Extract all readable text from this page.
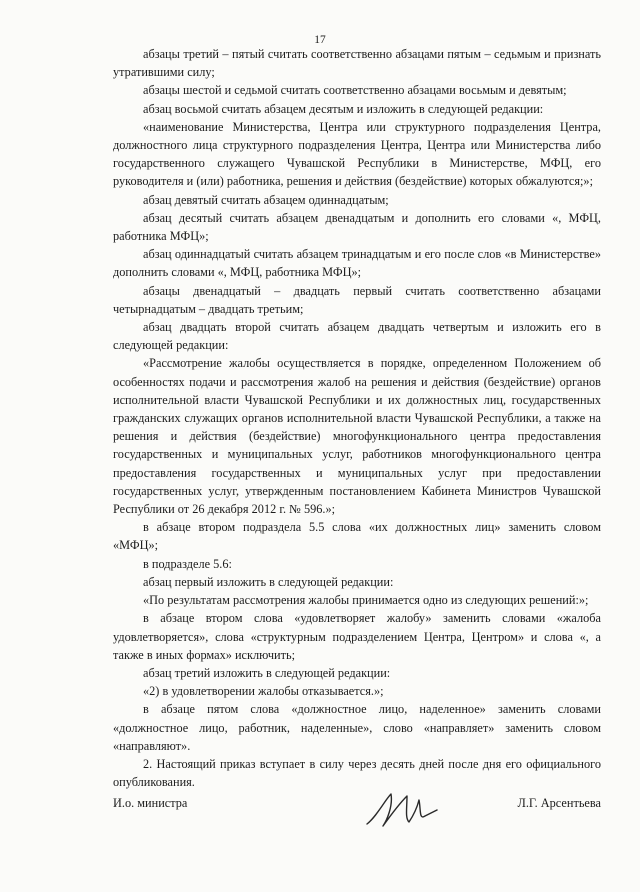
17

абзацы третий – пятый считать соответственно абзацами пятым – седьмым и признать утратившими силу;

абзацы шестой и седьмой считать соответственно абзацами восьмым и девятым;

абзац восьмой считать абзацем десятым и изложить в следующей редакции:

«наименование Министерства, Центра или структурного подразделения Центра, должностного лица структурного подразделения Центра, Центра или Министерства либо государственного служащего Чувашской Республики в Министерстве, МФЦ, его руководителя и (или) работника, решения и действия (бездействие) которых обжалуются;»;

абзац девятый считать абзацем одиннадцатым;

абзац десятый считать абзацем двенадцатым и дополнить его словами «, МФЦ, работника МФЦ»;

абзац одиннадцатый считать абзацем тринадцатым и его после слов «в Министерстве» дополнить словами «, МФЦ, работника МФЦ»;

абзацы двенадцатый – двадцать первый считать соответственно абзацами четырнадцатым – двадцать третьим;

абзац двадцать второй считать абзацем двадцать четвертым и изложить его в следующей редакции:

«Рассмотрение жалобы осуществляется в порядке, определенном Положением об особенностях подачи и рассмотрения жалоб на решения и действия (бездействие) органов исполнительной власти Чувашской Республики и их должностных лиц, государственных гражданских служащих органов исполнительной власти Чувашской Республики, а также на решения и действия (бездействие) многофункционального центра предоставления государственных и муниципальных услуг, работников многофункционального центра предоставления государственных и муниципальных услуг при предоставлении государственных услуг, утвержденным постановлением Кабинета Министров Чувашской Республики от 26 декабря 2012 г. № 596.»;

в абзаце втором подраздела 5.5 слова «их должностных лиц» заменить словом «МФЦ»;

в подразделе 5.6:

абзац первый изложить в следующей редакции:

«По результатам рассмотрения жалобы принимается одно из следующих решений:»;

в абзаце втором слова «удовлетворяет жалобу» заменить словами «жалоба удовлетворяется», слова «структурным подразделением Центра, Центром» и слова «, а также в иных формах» исключить;

абзац третий изложить в следующей редакции:

«2) в удовлетворении жалобы отказывается.»;

в абзаце пятом слова «должностное лицо, наделенное» заменить словами «должностное лицо, работник, наделенные», слово «направляет» заменить словом «направляют».

2. Настоящий приказ вступает в силу через десять дней после дня его официального опубликования.

И.о. министра	Л.Г. Арсентьева
